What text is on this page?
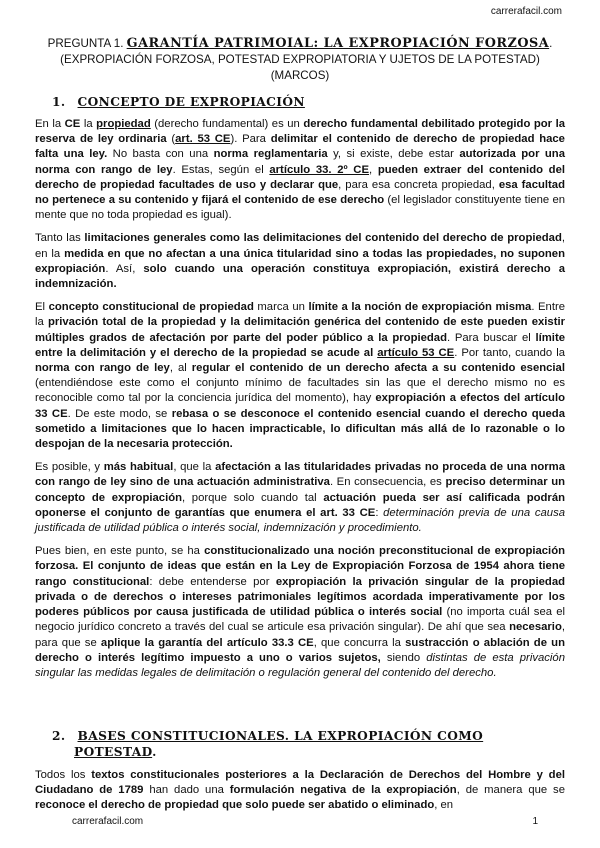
carrerafacil.com
PREGUNTA 1. GARANTÍA PATRIMOIAL: LA EXPROPIACIÓN FORZOSA. (EXPROPIACIÓN FORZOSA, POTESTAD EXPROPIATORIA Y UJETOS DE LA POTESTAD) (MARCOS)
1. CONCEPTO DE EXPROPIACIÓN

En la CE la propiedad (derecho fundamental) es un derecho fundamental debilitado protegido por la reserva de ley ordinaria (art. 53 CE). Para delimitar el contenido de derecho de propiedad hace falta una ley. No basta con una norma reglamentaria y, si existe, debe estar autorizada por una norma con rango de ley. Estas, según el artículo 33. 2º CE, pueden extraer del contenido del derecho de propiedad facultades de uso y declarar que, para esa concreta propiedad, esa facultad no pertenece a su contenido y fijará el contenido de ese derecho (el legislador constituyente tiene en mente que no toda propiedad es igual).

Tanto las limitaciones generales como las delimitaciones del contenido del derecho de propiedad, en la medida en que no afectan a una única titularidad sino a todas las propiedades, no suponen expropiación. Así, solo cuando una operación constituya expropiación, existirá derecho a indemnización.

El concepto constitucional de propiedad marca un límite a la noción de expropiación misma. Entre la privación total de la propiedad y la delimitación genérica del contenido de este pueden existir múltiples grados de afectación por parte del poder público a la propiedad. Para buscar el límite entre la delimitación y el derecho de la propiedad se acude al artículo 53 CE. Por tanto, cuando la norma con rango de ley, al regular el contenido de un derecho afecta a su contenido esencial (entendiéndose este como el conjunto mínimo de facultades sin las que el derecho mismo no es reconocible como tal por la conciencia jurídica del momento), hay expropiación a efectos del artículo 33 CE. De este modo, se rebasa o se desconoce el contenido esencial cuando el derecho queda sometido a limitaciones que lo hacen impracticable, lo dificultan más allá de lo razonable o lo despojan de la necesaria protección.

Es posible, y más habitual, que la afectación a las titularidades privadas no proceda de una norma con rango de ley sino de una actuación administrativa. En consecuencia, es preciso determinar un concepto de expropiación, porque solo cuando tal actuación pueda ser así calificada podrán oponerse el conjunto de garantías que enumera el art. 33 CE: determinación previa de una causa justificada de utilidad pública o interés social, indemnización y procedimiento.

Pues bien, en este punto, se ha constitucionalizado una noción preconstitucional de expropiación forzosa. El conjunto de ideas que están en la Ley de Expropiación Forzosa de 1954 ahora tiene rango constitucional: debe entenderse por expropiación la privación singular de la propiedad privada o de derechos o intereses patrimoniales legítimos acordada imperativamente por los poderes públicos por causa justificada de utilidad pública o interés social (no importa cuál sea el negocio jurídico concreto a través del cual se articule esa privación singular). De ahí que sea necesario, para que se aplique la garantía del artículo 33.3 CE, que concurra la sustracción o ablación de un derecho o interés legítimo impuesto a uno o varios sujetos, siendo distintas de esta privación singular las medidas legales de delimitación o regulación general del contenido del derecho.

2. BASES CONSTITUCIONALES. LA EXPROPIACIÓN COMO
POTESTAD.

Todos los textos constitucionales posteriores a la Declaración de Derechos del Hombre y del Ciudadano de 1789 han dado una formulación negativa de la expropiación, de manera que se reconoce el derecho de propiedad que solo puede ser abatido o eliminado, en

carrerafacil.com	1
